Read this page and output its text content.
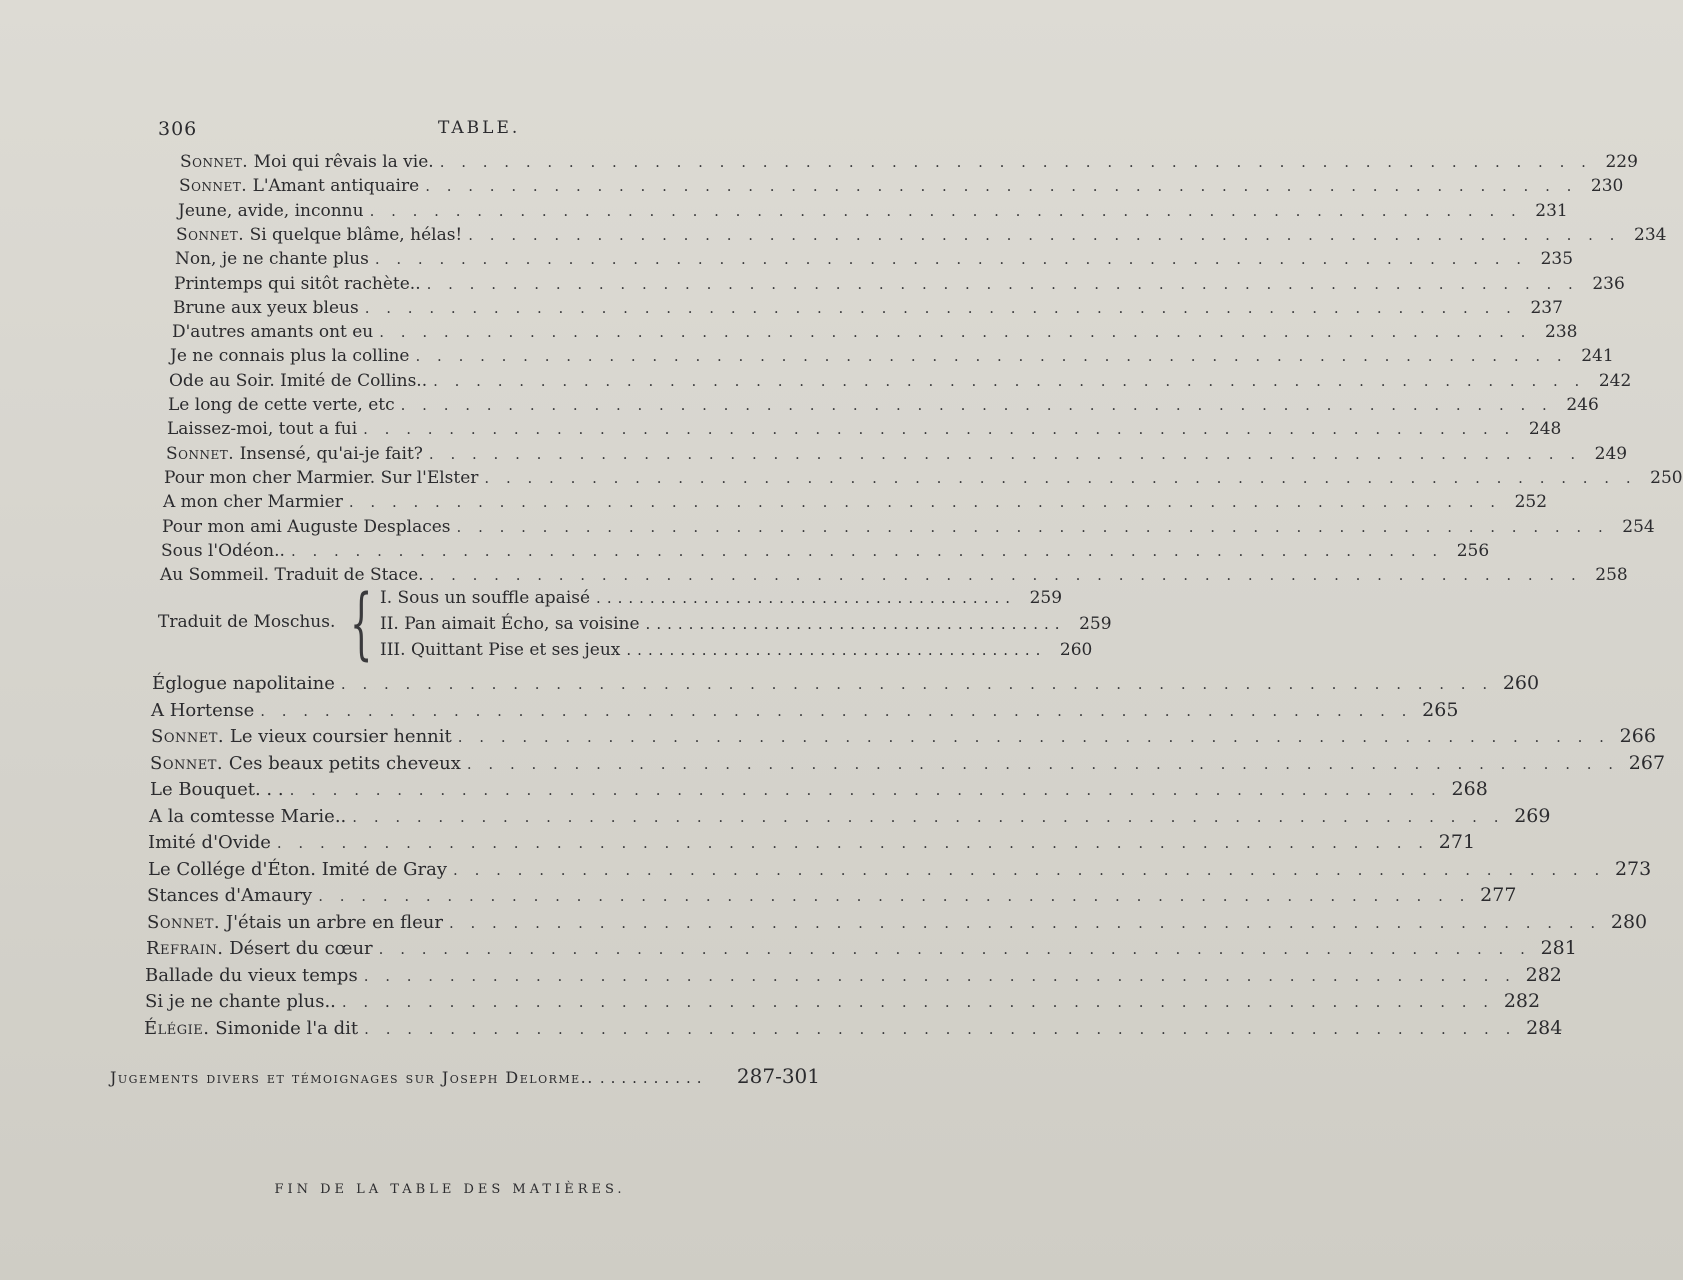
306	TABLE.
Sonnet. Moi qui rêvais la vie. . . . . . . . . . . . . . . . . . . . . . . . . . . . . . . . . . . . . . . . . . . . . . . . . . . . . . . 229
Sonnet. L'Amant antiquaire . . . . . . . . . . . . . . . . . . . . . . . . . . . . . . . . . . . . . . . . . . . . . . . . . . . . . . 230
Jeune, avide, inconnu . . . . . . . . . . . . . . . . . . . . . . . . . . . . . . . . . . . . . . . . . . . . . . . . . . . . . . 231
Sonnet. Si quelque blâme, hélas! . . . . . . . . . . . . . . . . . . . . . . . . . . . . . . . . . . . . . . . . . . . . . . . . . . . . . . 234
Non, je ne chante plus . . . . . . . . . . . . . . . . . . . . . . . . . . . . . . . . . . . . . . . . . . . . . . . . . . . . . . 235
Printemps qui sitôt rachète.. . . . . . . . . . . . . . . . . . . . . . . . . . . . . . . . . . . . . . . . . . . . . . . . . . . . . . . 236
Brune aux yeux bleus . . . . . . . . . . . . . . . . . . . . . . . . . . . . . . . . . . . . . . . . . . . . . . . . . . . . . . 237
D'autres amants ont eu . . . . . . . . . . . . . . . . . . . . . . . . . . . . . . . . . . . . . . . . . . . . . . . . . . . . . . 238
Je ne connais plus la colline . . . . . . . . . . . . . . . . . . . . . . . . . . . . . . . . . . . . . . . . . . . . . . . . . . . . . . 241
Ode au Soir. Imité de Collins.. . . . . . . . . . . . . . . . . . . . . . . . . . . . . . . . . . . . . . . . . . . . . . . . . . . . . . . 242
Le long de cette verte, etc . . . . . . . . . . . . . . . . . . . . . . . . . . . . . . . . . . . . . . . . . . . . . . . . . . . . . . 246
Laissez-moi, tout a fui . . . . . . . . . . . . . . . . . . . . . . . . . . . . . . . . . . . . . . . . . . . . . . . . . . . . . . 248
Sonnet. Insensé, qu'ai-je fait? . . . . . . . . . . . . . . . . . . . . . . . . . . . . . . . . . . . . . . . . . . . . . . . . . . . . . . 249
Pour mon cher Marmier. Sur l'Elster . . . . . . . . . . . . . . . . . . . . . . . . . . . . . . . . . . . . . . . . . . . . . . . . . . . . . . 250
A mon cher Marmier . . . . . . . . . . . . . . . . . . . . . . . . . . . . . . . . . . . . . . . . . . . . . . . . . . . . . . 252
Pour mon ami Auguste Desplaces . . . . . . . . . . . . . . . . . . . . . . . . . . . . . . . . . . . . . . . . . . . . . . . . . . . . . . 254
Sous l'Odéon.. . . . . . . . . . . . . . . . . . . . . . . . . . . . . . . . . . . . . . . . . . . . . . . . . . . . . . . 256
Au Sommeil. Traduit de Stace. . . . . . . . . . . . . . . . . . . . . . . . . . . . . . . . . . . . . . . . . . . . . . . . . . . . . . . 258
Églogue napolitaine . . . . . . . . . . . . . . . . . . . . . . . . . . . . . . . . . . . . . . . . . . . . . . . . . . . . . . 260
A Hortense . . . . . . . . . . . . . . . . . . . . . . . . . . . . . . . . . . . . . . . . . . . . . . . . . . . . . . 265
Sonnet. Le vieux coursier hennit . . . . . . . . . . . . . . . . . . . . . . . . . . . . . . . . . . . . . . . . . . . . . . . . . . . . . . 266
Sonnet. Ces beaux petits cheveux . . . . . . . . . . . . . . . . . . . . . . . . . . . . . . . . . . . . . . . . . . . . . . . . . . . . . . 267
Le Bouquet. . . . . . . . . . . . . . . . . . . . . . . . . . . . . . . . . . . . . . . . . . . . . . . . . . . . . . . . . 268
A la comtesse Marie.. . . . . . . . . . . . . . . . . . . . . . . . . . . . . . . . . . . . . . . . . . . . . . . . . . . . . . . 269
Imité d'Ovide . . . . . . . . . . . . . . . . . . . . . . . . . . . . . . . . . . . . . . . . . . . . . . . . . . . . . . 271
Le Collége d'Éton. Imité de Gray . . . . . . . . . . . . . . . . . . . . . . . . . . . . . . . . . . . . . . . . . . . . . . . . . . . . . . 273
Stances d'Amaury . . . . . . . . . . . . . . . . . . . . . . . . . . . . . . . . . . . . . . . . . . . . . . . . . . . . . . 277
Sonnet. J'étais un arbre en fleur . . . . . . . . . . . . . . . . . . . . . . . . . . . . . . . . . . . . . . . . . . . . . . . . . . . . . . 280
Refrain. Désert du cœur . . . . . . . . . . . . . . . . . . . . . . . . . . . . . . . . . . . . . . . . . . . . . . . . . . . . . . 281
Ballade du vieux temps . . . . . . . . . . . . . . . . . . . . . . . . . . . . . . . . . . . . . . . . . . . . . . . . . . . . . . 282
Si je ne chante plus.. . . . . . . . . . . . . . . . . . . . . . . . . . . . . . . . . . . . . . . . . . . . . . . . . . . . . . . 282
Élégie. Simonide l'a dit . . . . . . . . . . . . . . . . . . . . . . . . . . . . . . . . . . . . . . . . . . . . . . . . . . . . . . 284
Traduit de Moschus. { I. Sous un souffle apaisé ....................................... 259
II. Pan aimait Écho, sa voisine ....................................... 259
III. Quittant Pise et ses jeux ....................................... 260
Jugements divers et témoignages sur Joseph Delorme.. ..........	287-301
FIN DE LA TABLE DES MATIÈRES.
